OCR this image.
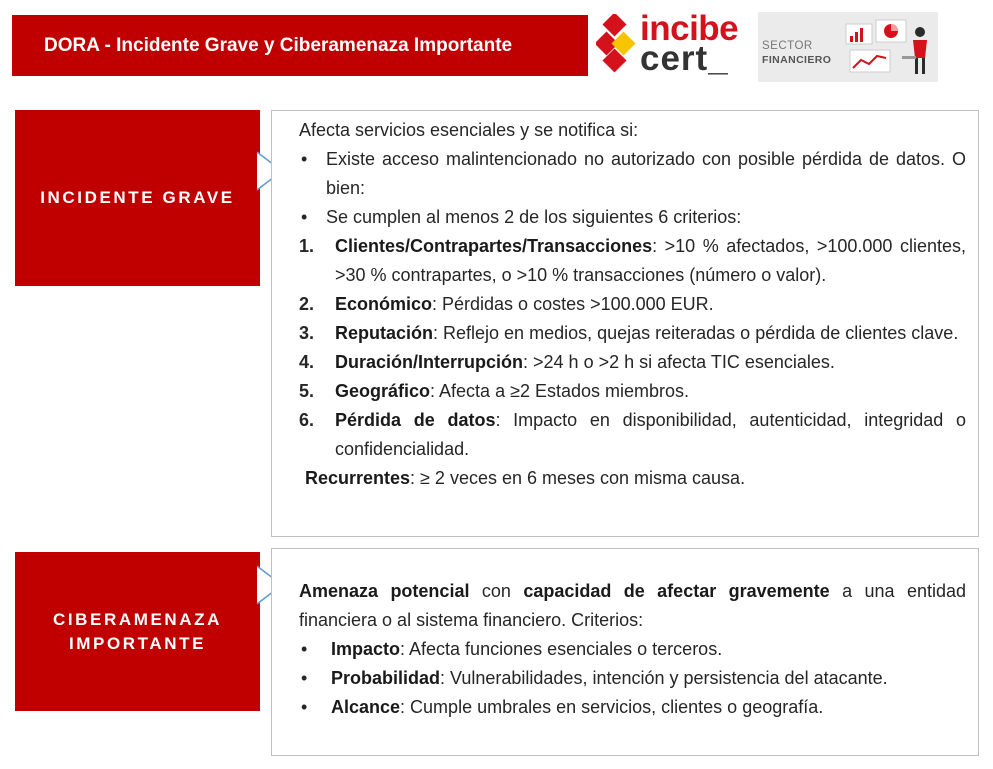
DORA - Incidente Grave y Ciberamenaza Importante	incibe
cert_	SECTOR
FINANCIERO
INCIDENTE GRAVE
Afecta servicios esenciales y se notifica si:
•	Existe acceso malintencionado no autorizado con posible pérdida de datos. O bien:
•	Se cumplen al menos 2 de los siguientes 6 criterios:
1.	Clientes/Contrapartes/Transacciones: >10 % afectados, >100.000 clientes, >30 % contrapartes, o >10 % transacciones (número o valor).
2.	Económico: Pérdidas o costes >100.000 EUR.
3.	Reputación: Reflejo en medios, quejas reiteradas o pérdida de clientes clave.
4.	Duración/Interrupción: >24 h o >2 h si afecta TIC esenciales.
5.	Geográfico: Afecta a ≥2 Estados miembros.
6.	Pérdida de datos: Impacto en disponibilidad, autenticidad, integridad o confidencialidad.
Recurrentes: ≥ 2 veces en 6 meses con misma causa.
CIBERAMENAZA
IMPORTANTE
Amenaza potencial con capacidad de afectar gravemente a una entidad financiera o al sistema financiero. Criterios:
•	Impacto: Afecta funciones esenciales o terceros.
•	Probabilidad: Vulnerabilidades, intención y persistencia del atacante.
•	Alcance: Cumple umbrales en servicios, clientes o geografía.
